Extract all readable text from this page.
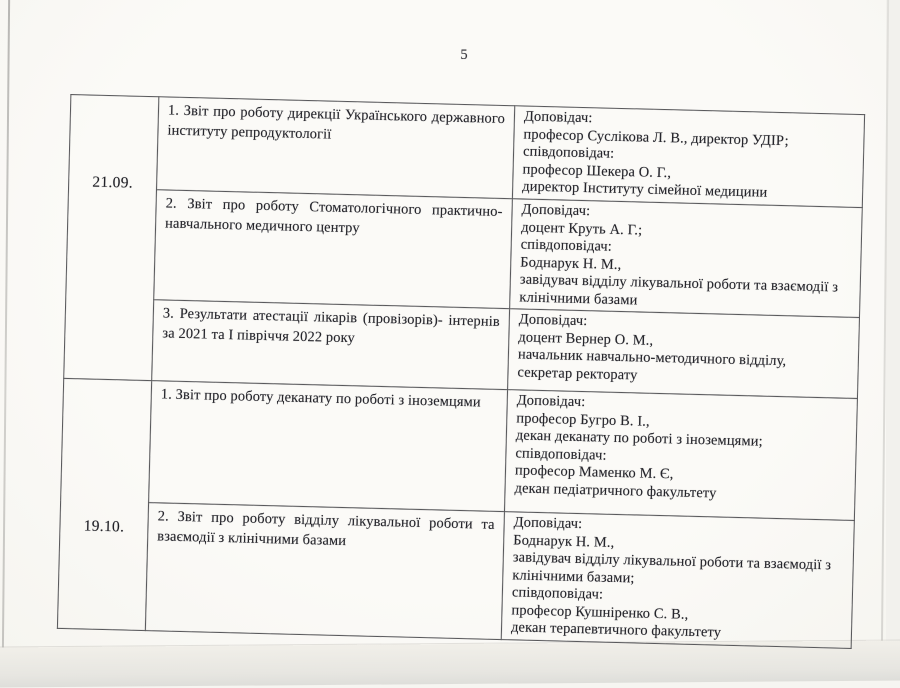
5
21.09.	1. Звіт про роботу дирекції Українського державного інституту репродуктології	Доповідач:
професор Суслікова Л. В., директор УДІР;
співдоповідач:
професор Шекера О. Г.,
директор Інституту сімейної медицини
	2. Звіт про роботу Стоматологічного практично-навчального медичного центру	Доповідач:
доцент Круть А. Г.;
співдоповідач:
Боднарук Н. М.,
завідувач відділу лікувальної роботи та взаємодії з клінічними базами
	3. Результати атестації лікарів (провізорів)- інтернів за 2021 та І півріччя 2022 року	Доповідач:
доцент Вернер О. М.,
начальник навчально-методичного відділу,
секретар ректорату

19.10.
	1. Звіт про роботу деканату по роботі з іноземцями	Доповідач:
професор Бугро В. І.,
декан деканату по роботі з іноземцями;
співдоповідач:
професор Маменко М. Є,
декан педіатричного факультету
2. Звіт про роботу відділу лікувальної роботи та взаємодії з клінічними базами	Доповідач:
Боднарук Н. М.,
завідувач відділу лікувальної роботи та взаємодії з клінічними базами;
співдоповідач:
професор Кушніренко С. В.,
декан терапевтичного факультету
